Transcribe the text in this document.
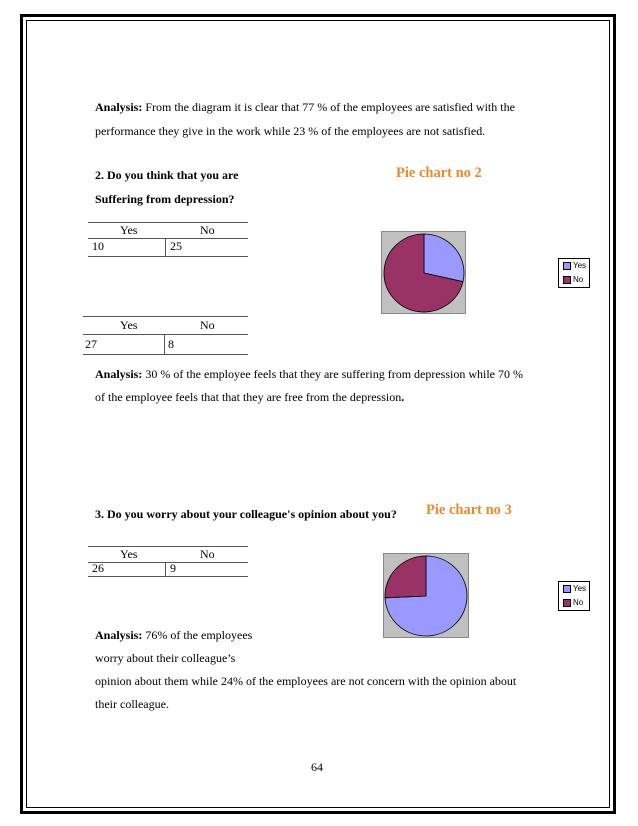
Analysis: From the diagram it is clear that 77 % of the employees are satisfied with the
performance they give in the work while 23 % of the employees are not satisfied.
2. Do you think that you are	Pie chart no 2
Suffering from depression?
Yes	No
10	25
Yes
No
Yes	No
27	8
Analysis: 30 % of the employee feels that they are suffering from depression while 70 %
of the employee feels that that they are free from the depression.
3. Do you worry about your colleague's opinion about you? Pie chart no 3
Yes	No
26	9
Yes
No
Analysis: 76% of the employees
worry about their colleague’s
opinion about them while 24% of the employees are not concern with the opinion about
their colleague.
64
